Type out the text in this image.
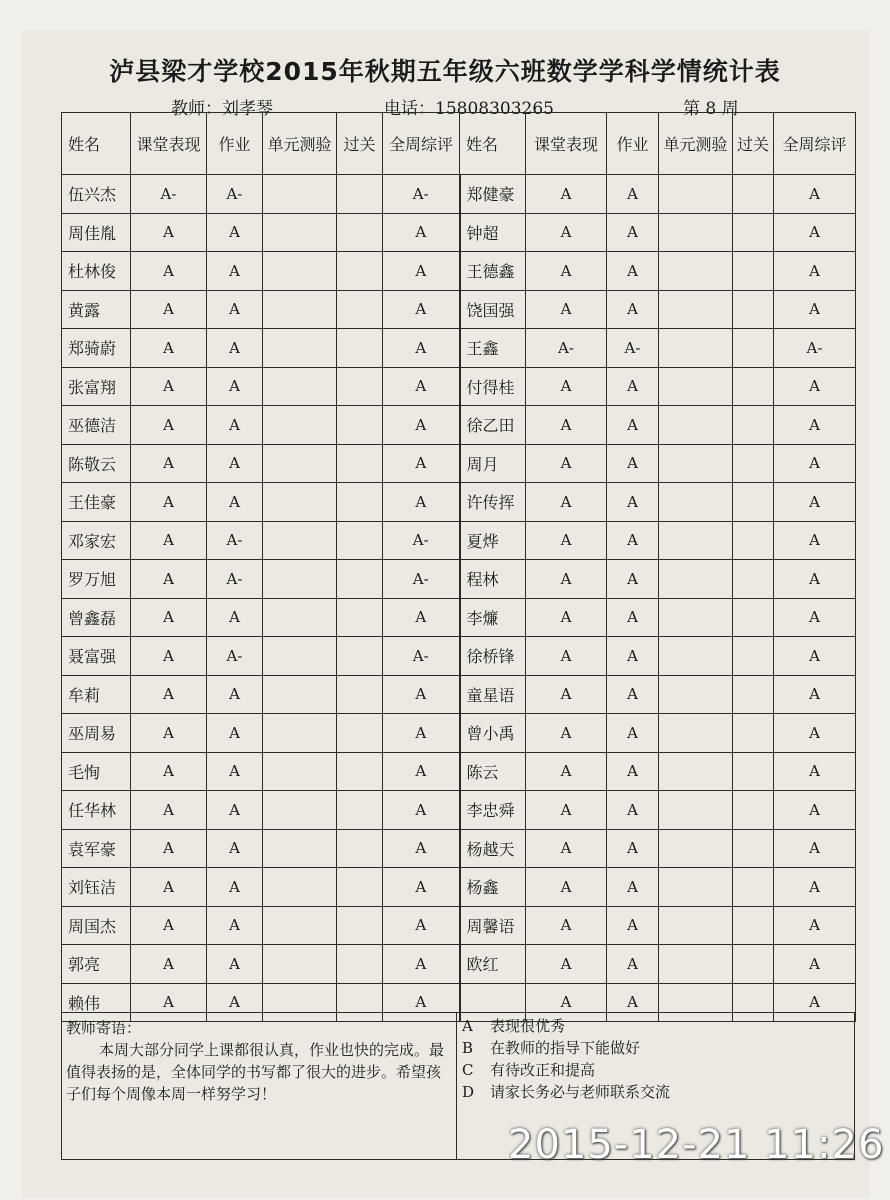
泸县梁才学校2015年秋期五年级六班数学学科学情统计表
教师：刘孝琴	电话：15808303265	第 8 周
姓名	课堂表现	作业	单元测验	过关	全周综评	姓名	课堂表现	作业	单元测验	过关	全周综评
伍兴杰	A-	A-			A-	郑健豪	A	A			A
周佳胤	A	A			A	钟超	A	A			A
杜林俊	A	A			A	王德鑫	A	A			A
黄露	A	A			A	饶国强	A	A			A
郑骑蔚	A	A			A	王鑫	A-	A-			A-
张富翔	A	A			A	付得桂	A	A			A
巫德洁	A	A			A	徐乙田	A	A			A
陈敬云	A	A			A	周月	A	A			A
王佳豪	A	A			A	许传挥	A	A			A
邓家宏	A	A-			A-	夏烨	A	A			A
罗万旭	A	A-			A-	程林	A	A			A
曾鑫磊	A	A			A	李燫	A	A			A
聂富强	A	A-			A-	徐桥锋	A	A			A
牟莉	A	A			A	童星语	A	A			A
巫周易	A	A			A	曾小禹	A	A			A
毛恂	A	A			A	陈云	A	A			A
任华林	A	A			A	李忠舜	A	A			A
袁军豪	A	A			A	杨越天	A	A			A
刘钰洁	A	A			A	杨鑫	A	A			A
周国杰	A	A			A	周馨语	A	A			A
郭亮	A	A			A	欧红	A	A			A
赖伟	A	A			A		A	A			A
教师寄语：
本周大部分同学上课都很认真，作业也快的完成。最值得表扬的是，全体同学的书写都了很大的进步。希望孩子们每个周像本周一样努学习！
A 表现很优秀
B 在教师的指导下能做好
C 有待改正和提高
D 请家长务必与老师联系交流
2015-12-21 11:26
